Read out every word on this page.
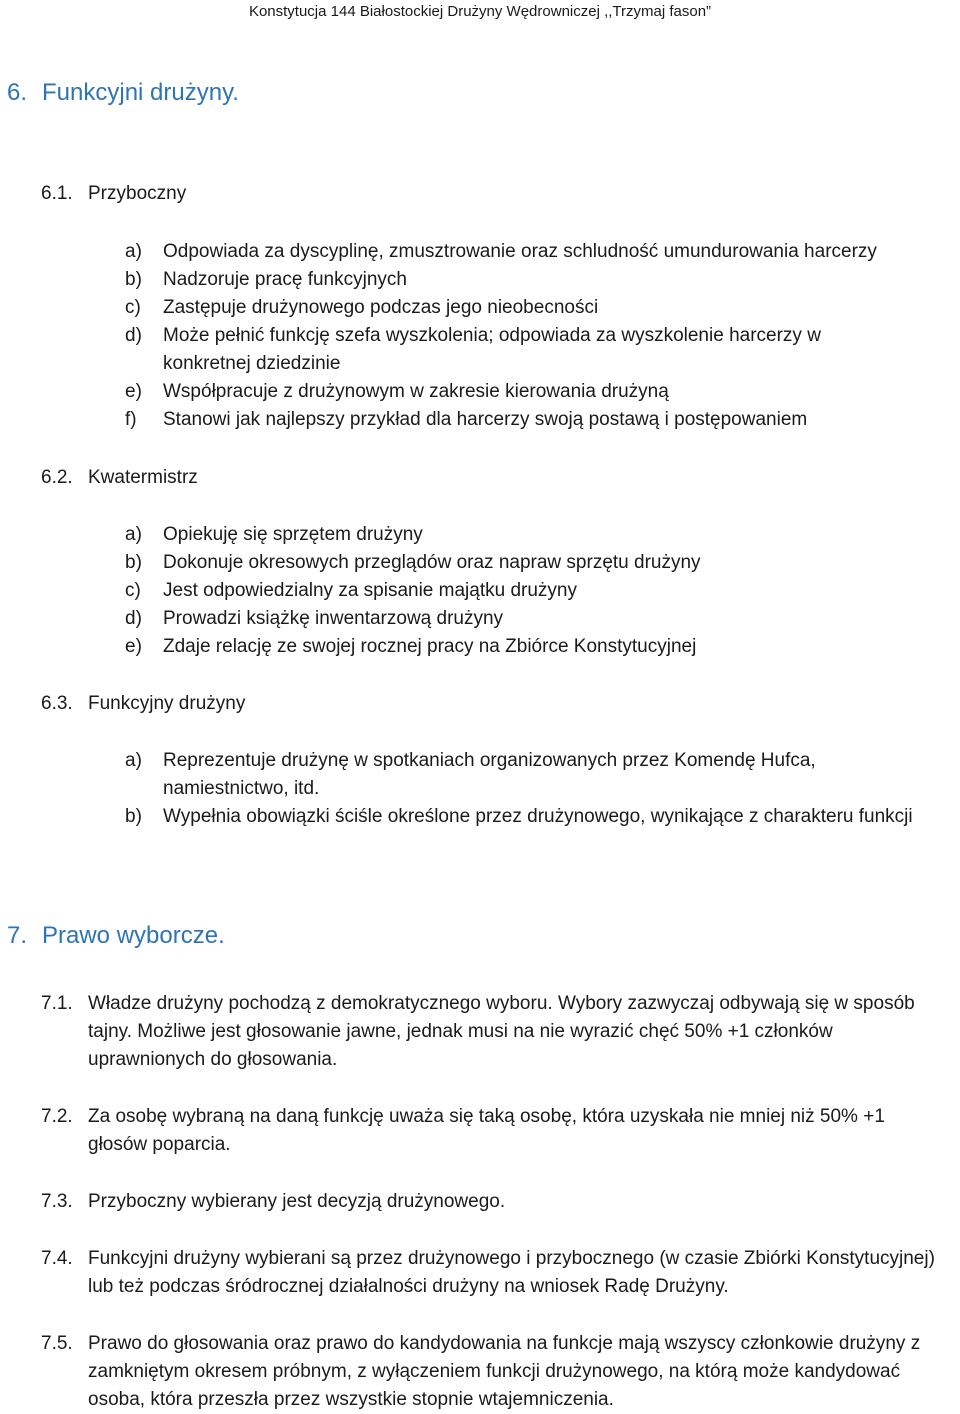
Konstytucja 144 Białostockiej Drużyny Wędrowniczej ,,Trzymaj fason”
6. Funkcyjni drużyny.
6.1. Przyboczny
a) Odpowiada za dyscyplinę, zmusztrowanie oraz schludność umundurowania harcerzy
b) Nadzoruje pracę funkcyjnych
c) Zastępuje drużynowego podczas jego nieobecności
d) Może pełnić funkcję szefa wyszkolenia; odpowiada za wyszkolenie harcerzy w konkretnej dziedzinie
e) Współpracuje z drużynowym w zakresie kierowania drużyną
f) Stanowi jak najlepszy przykład dla harcerzy swoją postawą i postępowaniem
6.2. Kwatermistrz
a) Opiekuję się sprzętem drużyny
b) Dokonuje okresowych przeglądów oraz napraw sprzętu drużyny
c) Jest odpowiedzialny za spisanie majątku drużyny
d) Prowadzi książkę inwentarzową drużyny
e) Zdaje relację ze swojej rocznej pracy na Zbiórce Konstytucyjnej
6.3. Funkcyjny drużyny
a) Reprezentuje drużynę w spotkaniach organizowanych przez Komendę Hufca, namiestnictwo, itd.
b) Wypełnia obowiązki ściśle określone przez drużynowego, wynikające z charakteru funkcji
7. Prawo wyborcze.
7.1. Władze drużyny pochodzą z demokratycznego wyboru. Wybory zazwyczaj odbywają się w sposób tajny. Możliwe jest głosowanie jawne, jednak musi na nie wyrazić chęć 50% +1 członków uprawnionych do głosowania.
7.2. Za osobę wybraną na daną funkcję uważa się taką osobę, która uzyskała nie mniej niż 50% +1 głosów poparcia.
7.3. Przyboczny wybierany jest decyzją drużynowego.
7.4. Funkcyjni drużyny wybierani są przez drużynowego i przybocznego (w czasie Zbiórki Konstytucyjnej) lub też podczas śródrocznej działalności drużyny na wniosek Radę Drużyny.
7.5. Prawo do głosowania oraz prawo do kandydowania na funkcje mają wszyscy członkowie drużyny z zamkniętym okresem próbnym, z wyłączeniem funkcji drużynowego, na którą może kandydować osoba, która przeszła przez wszystkie stopnie wtajemniczenia.
